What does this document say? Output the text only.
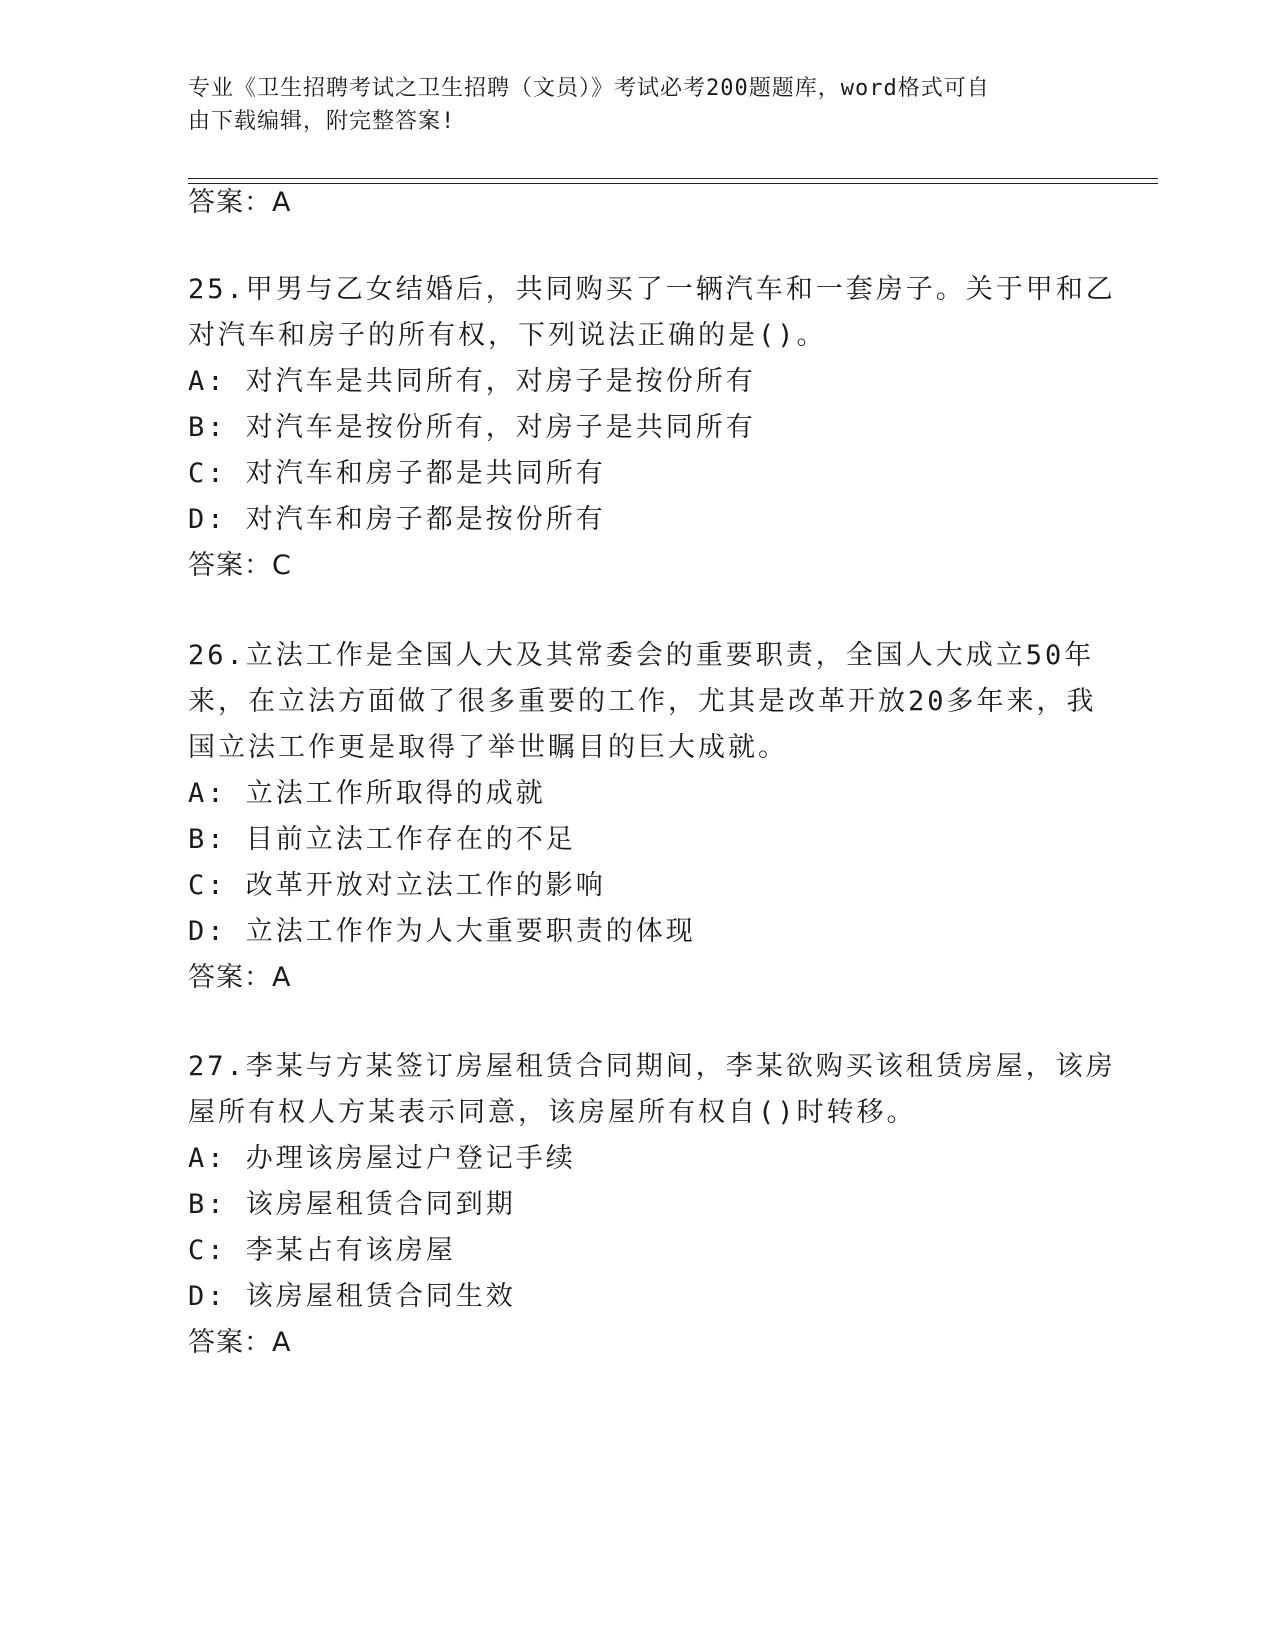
专业《卫生招聘考试之卫生招聘（文员）》考试必考200题题库，word格式可自
由下载编辑，附完整答案!
答案：A
25.甲男与乙女结婚后，共同购买了一辆汽车和一套房子。关于甲和乙
对汽车和房子的所有权，下列说法正确的是()。
A: 对汽车是共同所有，对房子是按份所有
B: 对汽车是按份所有，对房子是共同所有
C: 对汽车和房子都是共同所有
D: 对汽车和房子都是按份所有
答案：C
26.立法工作是全国人大及其常委会的重要职责，全国人大成立50年
来，在立法方面做了很多重要的工作，尤其是改革开放20多年来，我
国立法工作更是取得了举世瞩目的巨大成就。
A: 立法工作所取得的成就
B: 目前立法工作存在的不足
C: 改革开放对立法工作的影响
D: 立法工作作为人大重要职责的体现
答案：A
27.李某与方某签订房屋租赁合同期间，李某欲购买该租赁房屋，该房
屋所有权人方某表示同意，该房屋所有权自()时转移。
A: 办理该房屋过户登记手续
B: 该房屋租赁合同到期
C: 李某占有该房屋
D: 该房屋租赁合同生效
答案：A
